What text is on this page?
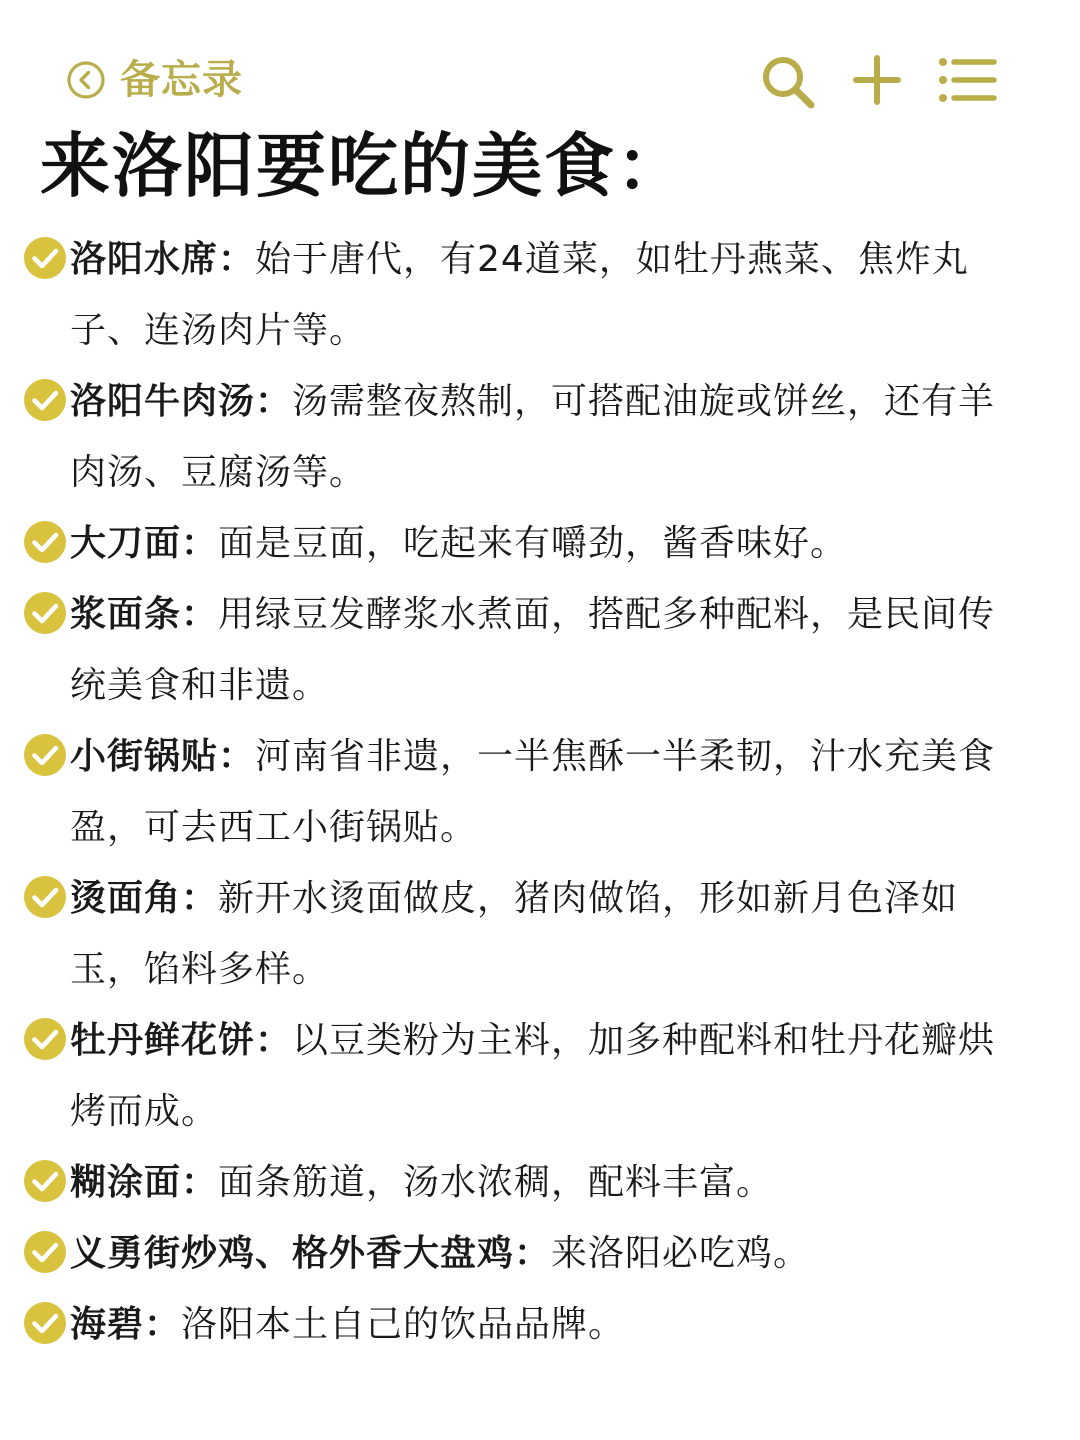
备忘录
来洛阳要吃的美食：
洛阳水席：始于唐代，有24道菜，如牡丹燕菜、焦炸丸子、连汤肉片等。
洛阳牛肉汤：汤需整夜熬制，可搭配油旋或饼丝，还有羊肉汤、豆腐汤等。
大刀面：面是豆面，吃起来有嚼劲，酱香味好。
浆面条：用绿豆发酵浆水煮面，搭配多种配料，是民间传统美食和非遗。
小街锅贴：河南省非遗，一半焦酥一半柔韧，汁水充美食盈，可去西工小街锅贴。
烫面角：新开水烫面做皮，猪肉做馅，形如新月色泽如玉，馅料多样。
牡丹鲜花饼：以豆类粉为主料，加多种配料和牡丹花瓣烘烤而成。
糊涂面：面条筋道，汤水浓稠，配料丰富。
义勇街炒鸡、格外香大盘鸡：来洛阳必吃鸡。
海碧：洛阳本土自己的饮品品牌。
